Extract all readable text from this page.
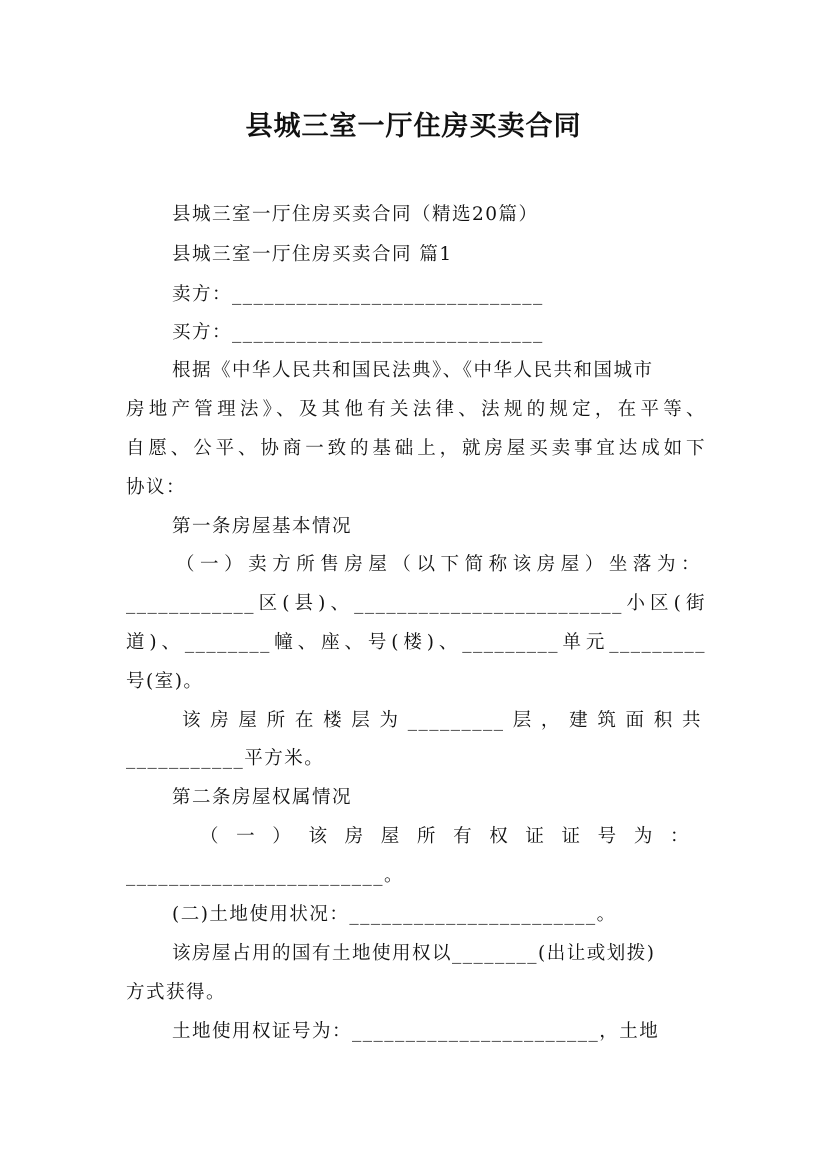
县城三室一厅住房买卖合同
县城三室一厅住房买卖合同（精选20篇）
县城三室一厅住房买卖合同 篇1
卖方：_____________________________
买方：_____________________________
根据《中华人民共和国民法典》、《中华人民共和国城市
房地产管理法》、及其他有关法律、法规的规定，在平等、
自愿、公平、协商一致的基础上，就房屋买卖事宜达成如下
协议：
第一条房屋基本情况
（一）卖方所售房屋（以下简称该房屋）坐落为：
____________区(县)、_________________________小区(街
道)、________幢、座、号(楼)、_________单元_________
号(室)。
该房屋所在楼层为_________层，建筑面积共
___________平方米。
第二条房屋权属情况
（一）该房屋所有权证证号为：
________________________。
(二)土地使用状况：_______________________。
该房屋占用的国有土地使用权以________(出让或划拨)
方式获得。
土地使用权证号为：_______________________，土地
